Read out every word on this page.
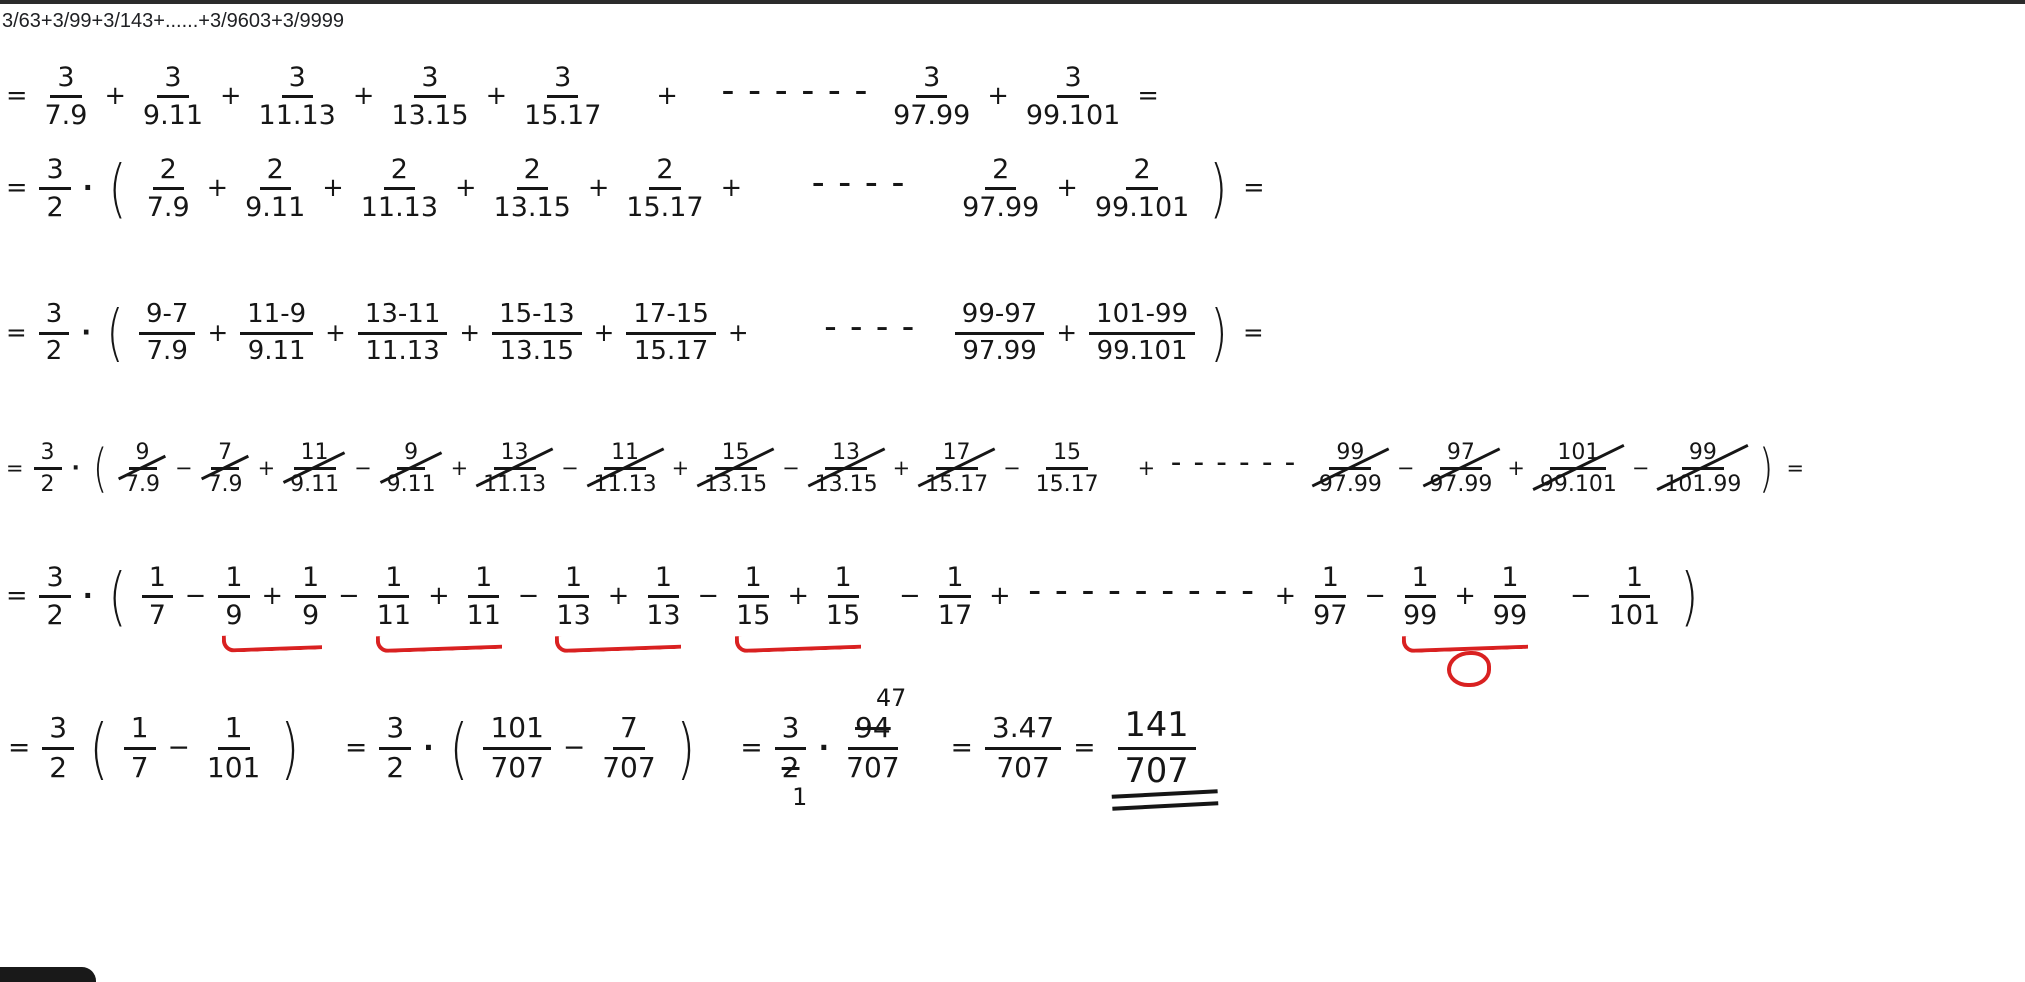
3/63+3/99+3/143+......+3/9603+3/9999
= $\frac{3}{7.9} + \frac{3}{9.11} + \frac{3}{11.13} + \frac{3}{13.15} + \frac{3}{15.17}$ + – – – – – – $\frac{3}{97.99} + \frac{3}{99.101}$ =
= $\frac{3}{2}$ · ( $\frac{2}{7.9} + \frac{2}{9.11} + \frac{2}{11.13} + \frac{2}{13.15} + \frac{2}{15.17}$ +	– – – – $\frac{2}{97.99} + \frac{2}{99.101}$ ) =
= $\frac{3}{2}$ · ( $\frac{9-7}{7.9} + \frac{11-9}{9.11} + \frac{13-11}{11.13} + \frac{15-13}{13.15} + \frac{17-15}{15.17}$ +	– – – – $\frac{99-97}{97.99} + \frac{101-99}{99.101}$ ) =
= $\frac{3}{2}$ · ( $\frac{9}{7.9} - \frac{7}{7.9} + \frac{11}{9.11} - \frac{9}{9.11} + \frac{13}{11.13} - \frac{11}{11.13} + \frac{15}{13.15} - \frac{13}{13.15} + \frac{17}{15.17} - \frac{15}{15.17}$ + – – – – – – $\frac{99}{97.99} - \frac{97}{97.99} + \frac{101}{99.101} - \frac{99}{101.99}$ ) =
= $\frac{3}{2}$ · ( $\frac{1}{7} - \frac{1}{9} + \frac{1}{9} - \frac{1}{11} + \frac{1}{11} - \frac{1}{13} + \frac{1}{13} - \frac{1}{15} + \frac{1}{15} - \frac{1}{17}$ + – – – – – – – – – + $\frac{1}{97} - \frac{1}{99} + \frac{1}{99} - \frac{1}{101}$ )
= $\frac{3}{2}$ ( $\frac{1}{7} - \frac{1}{101}$ ) = $\frac{3}{2}$ · ( $\frac{101}{707} - \frac{7}{707}$ ) =
3
2
1
·
47
94
707
= $\frac{3.47}{707} = \frac{141}{707}$
